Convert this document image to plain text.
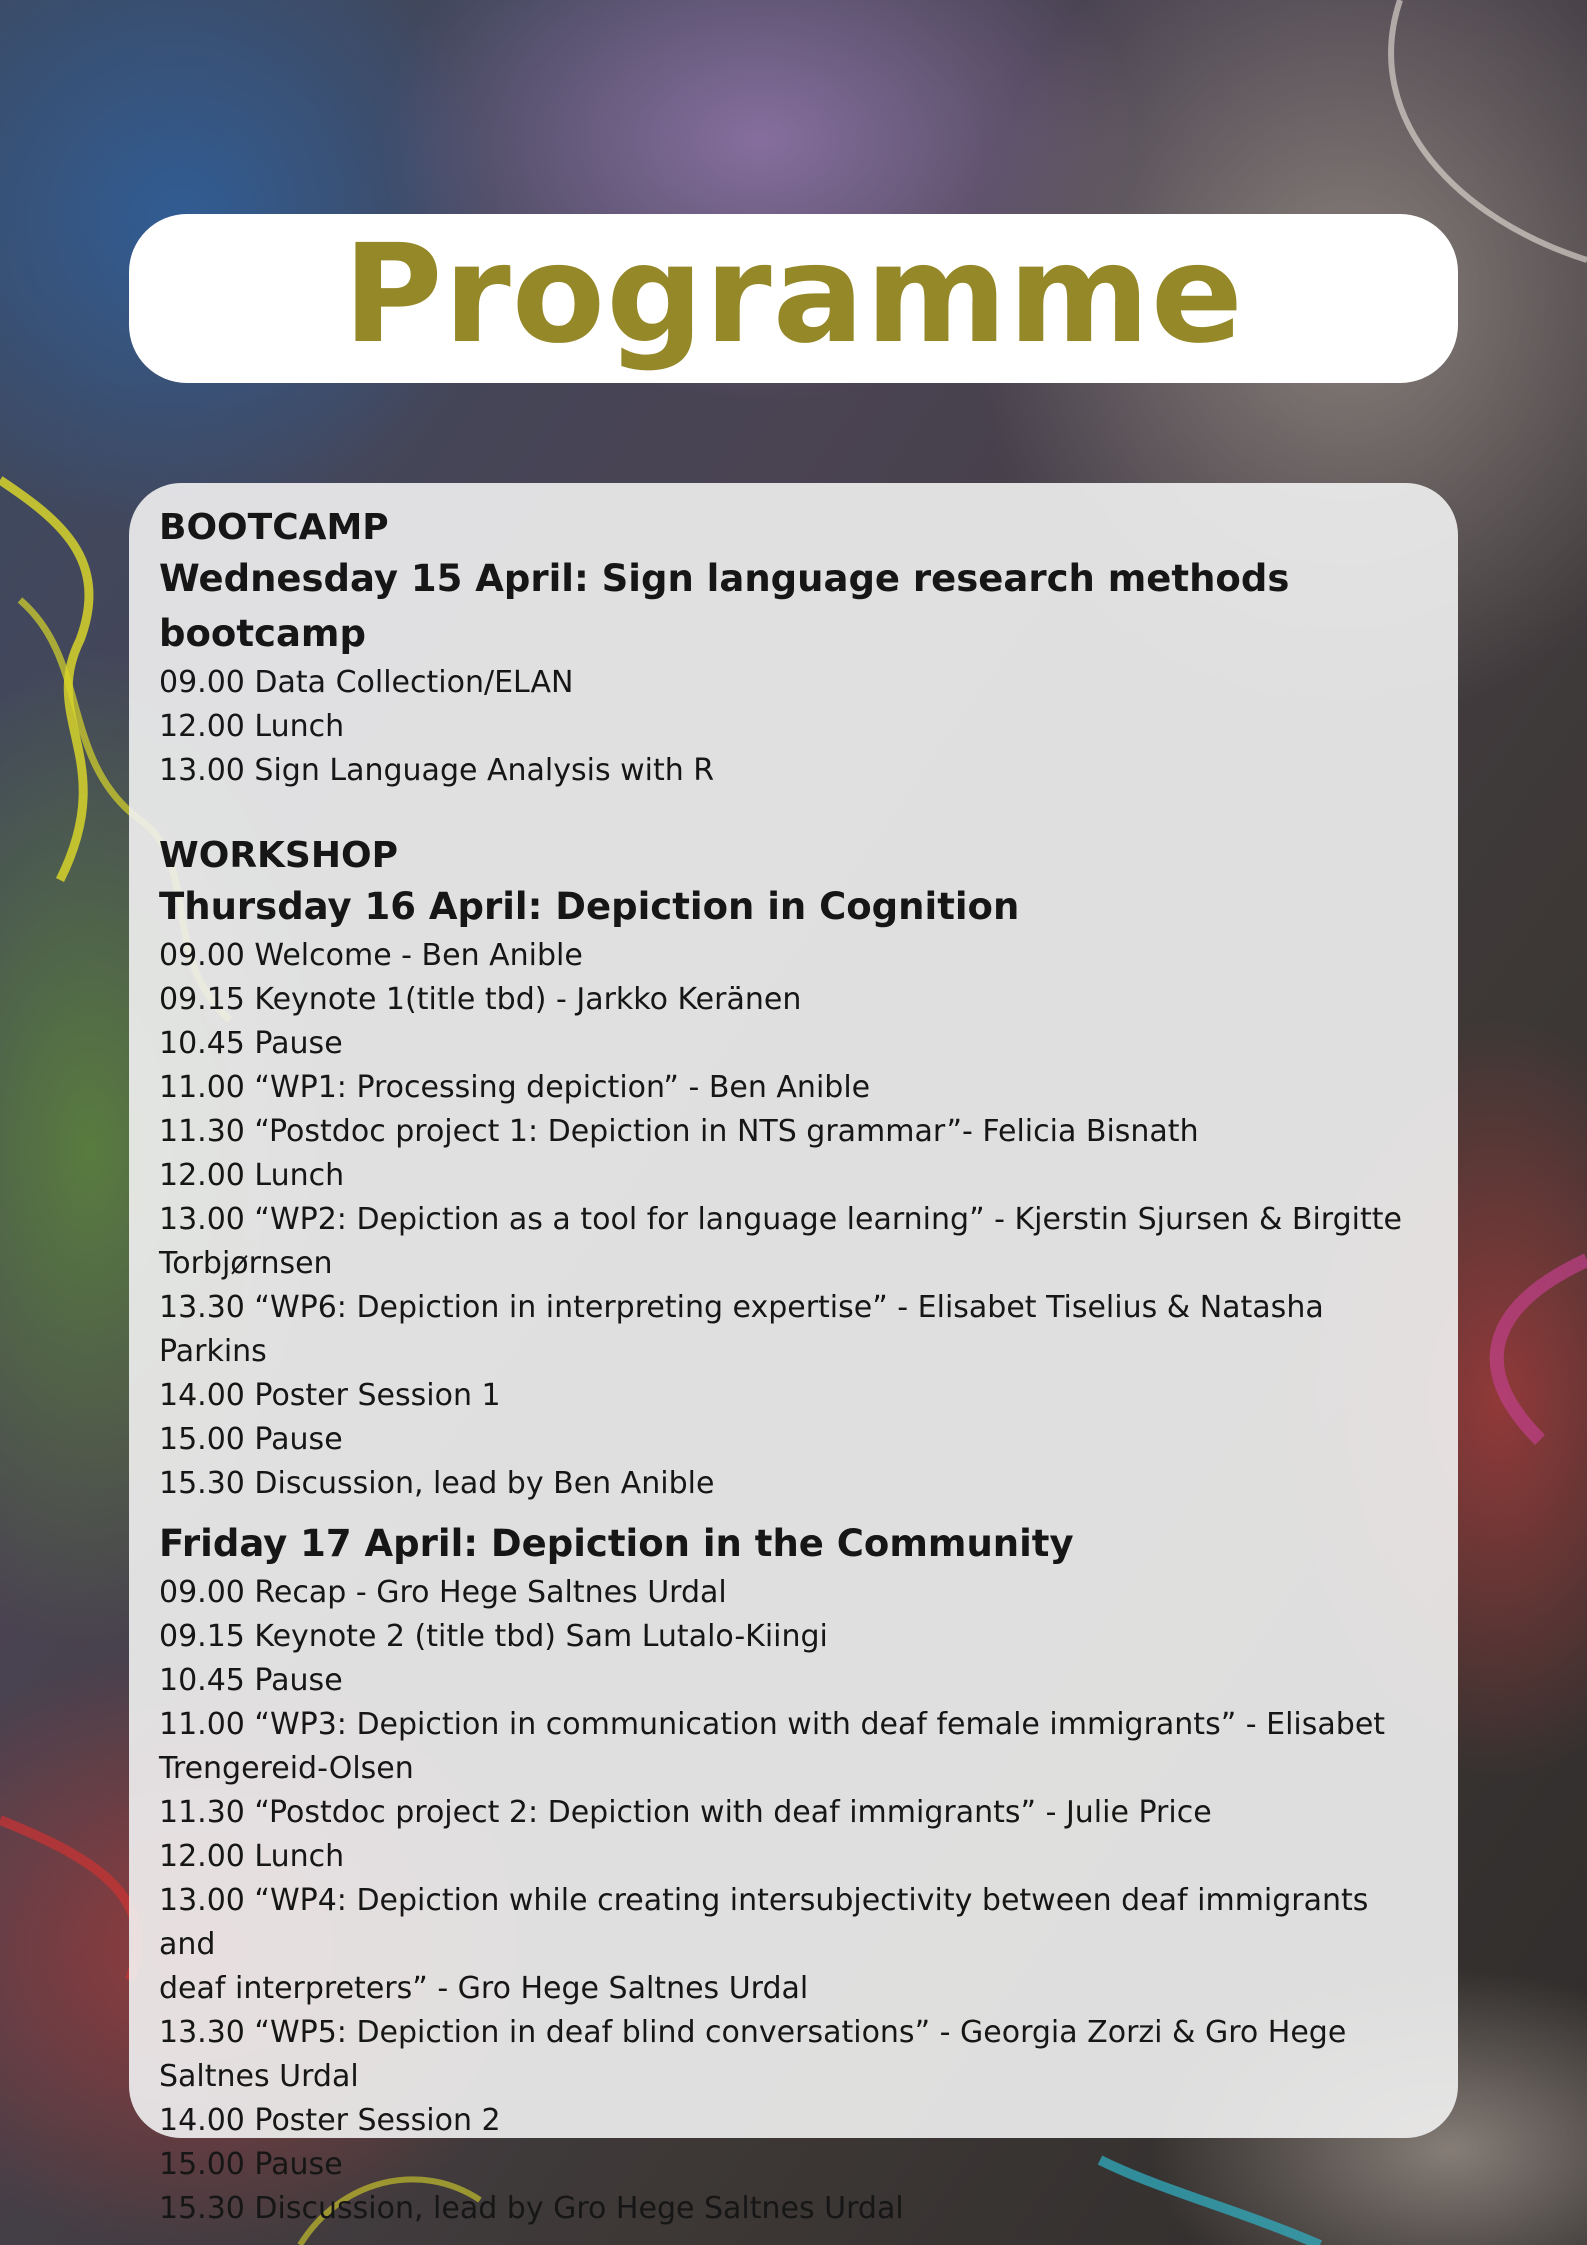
Programme
BOOTCAMP
Wednesday 15 April: Sign language research methods bootcamp
09.00 Data Collection/ELAN
12.00 Lunch
13.00 Sign Language Analysis with R
WORKSHOP
Thursday 16 April: Depiction in Cognition
09.00 Welcome - Ben Anible
09.15 Keynote 1(title tbd) - Jarkko Keränen
10.45 Pause
11.00 “WP1: Processing depiction” - Ben Anible
11.30 “Postdoc project 1: Depiction in NTS grammar”- Felicia Bisnath
12.00 Lunch
13.00 “WP2: Depiction as a tool for language learning” - Kjerstin Sjursen & Birgitte
Torbjørnsen
13.30 “WP6: Depiction in interpreting expertise” - Elisabet Tiselius & Natasha Parkins
14.00 Poster Session 1
15.00 Pause
15.30 Discussion, lead by Ben Anible
Friday 17 April: Depiction in the Community
09.00 Recap - Gro Hege Saltnes Urdal
09.15 Keynote 2 (title tbd) Sam Lutalo-Kiingi
10.45 Pause
11.00 “WP3: Depiction in communication with deaf female immigrants” - Elisabet
Trengereid-Olsen
11.30 “Postdoc project 2: Depiction with deaf immigrants” - Julie Price
12.00 Lunch
13.00 “WP4: Depiction while creating intersubjectivity between deaf immigrants and
deaf interpreters” - Gro Hege Saltnes Urdal
13.30 “WP5: Depiction in deaf blind conversations” - Georgia Zorzi & Gro Hege
Saltnes Urdal
14.00 Poster Session 2
15.00 Pause
15.30 Discussion, lead by Gro Hege Saltnes Urdal
